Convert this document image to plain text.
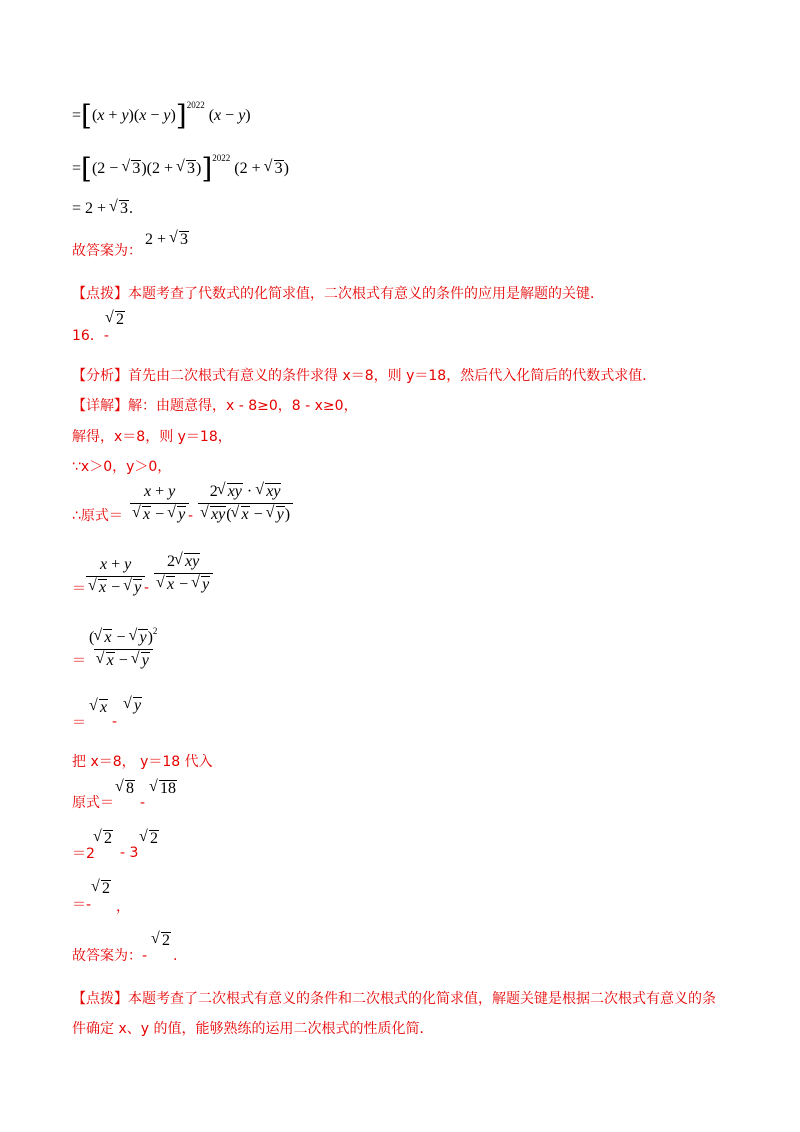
$=[(x + y)(x - y)]^{2022}$ (x − y)
=[(2 − √ 3)(2 + √ 3)]$^{2022}$ (2 + √ 3)
= 2 + √ 3.
故答案为：
2 + √ 3
【点拨】本题考查了代数式的化简求值，二次根式有意义的条件的应用是解题的关键．
16．-
√ 2
【分析】首先由二次根式有意义的条件求得 x＝8，则 y＝18，然后代入化简后的代数式求值．
【详解】解：由题意得，x - 8≥0，8 - x≥0，
解得，x＝8，则 y＝18，
∵x＞0，y＞0，
∴原式＝ x + y
√ x − √ y
- 2 √ xy · √ xy
√ xy( √ x − √ y)
＝ x + y
√ x − √ y
- 2 √ xy
√ x − √ y
＝ ( √ x − √ y)$^2$
√ x − √ y
＝
√ x
-
√ y
把 x＝8， y＝18 代入
原式＝
√ 8
-
√ 18
＝2
√ 2
- 3
√ 2
＝-
√ 2
，
故答案为：-
√ 2
.
【点拨】本题考查了二次根式有意义的条件和二次根式的化简求值，解题关键是根据二次根式有意义的条
件确定 x、y 的值，能够熟练的运用二次根式的性质化简．
